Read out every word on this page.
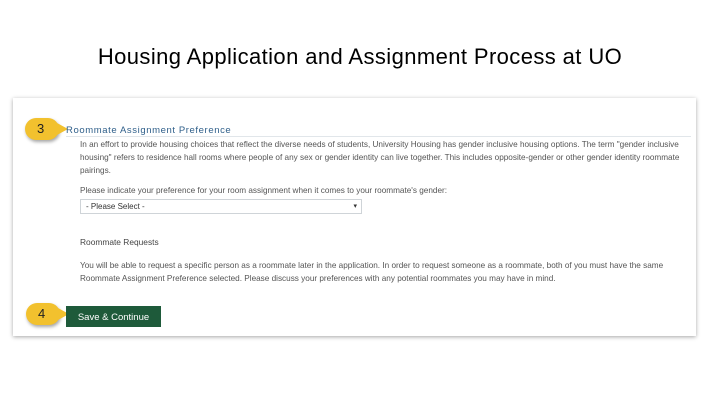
Housing Application and Assignment Process at UO
3	Roommate Assignment Preference
In an effort to provide housing choices that reflect the diverse needs of students, University Housing has gender inclusive housing options. The term "gender inclusive housing" refers to residence hall rooms where people of any sex or gender identity can live together. This includes opposite-gender or other gender identity roommate pairings.
Please indicate your preference for your room assignment when it comes to your roommate's gender:
- Please Select -	▾
Roommate Requests
You will be able to request a specific person as a roommate later in the application. In order to request someone as a roommate, both of you must have the same Roommate Assignment Preference selected. Please discuss your preferences with any potential roommates you may have in mind.
4	Save & Continue
